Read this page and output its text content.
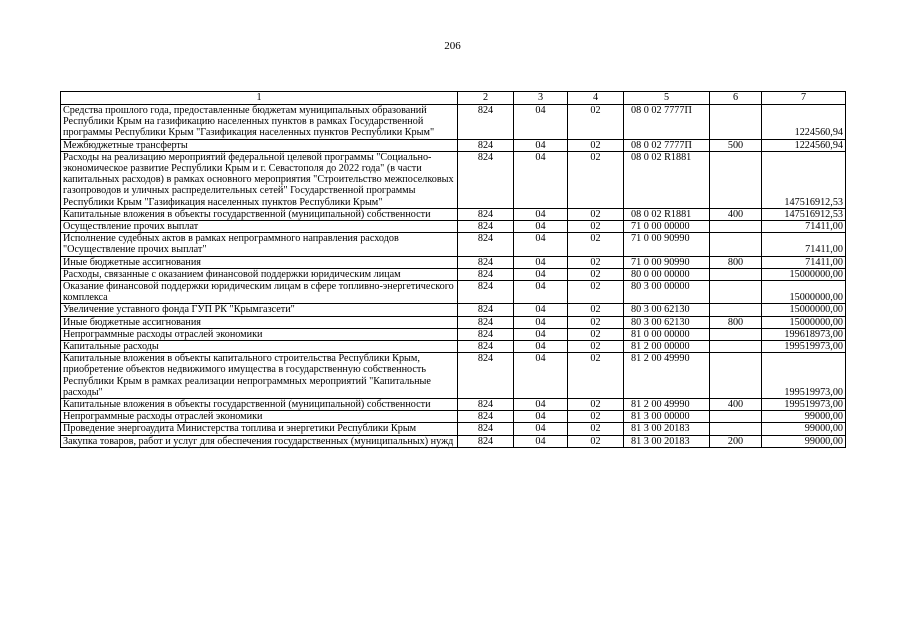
206
1	2	3	4	5	6	7
Средства прошлого года, предоставленные бюджетам муниципальных образований Республики Крым на газификацию населенных пунктов в рамках Государственной программы Республики Крым "Газификация населенных пунктов Республики Крым"	824	04	02	08 0 02 7777П		1224560,94
Межбюджетные трансферты	824	04	02	08 0 02 7777П	500	1224560,94
Расходы на реализацию мероприятий федеральной целевой программы "Социально-экономическое развитие Республики Крым и г. Севастополя до 2022 года" (в части капитальных расходов) в рамках основного мероприятия "Строительство межпоселковых газопроводов и уличных распределительных сетей" Государственной программы Республики Крым "Газификация населенных пунктов Республики Крым"	824	04	02	08 0 02 R1881		147516912,53
Капитальные вложения в объекты государственной (муниципальной) собственности	824	04	02	08 0 02 R1881	400	147516912,53
Осуществление прочих выплат	824	04	02	71 0 00 00000		71411,00
Исполнение судебных актов в рамках непрограммного направления расходов "Осуществление прочих выплат"	824	04	02	71 0 00 90990		71411,00
Иные бюджетные ассигнования	824	04	02	71 0 00 90990	800	71411,00
Расходы, связанные с оказанием финансовой поддержки юридическим лицам	824	04	02	80 0 00 00000		15000000,00
Оказание финансовой поддержки юридическим лицам в сфере топливно-энергетического комплекса	824	04	02	80 3 00 00000		15000000,00
Увеличение уставного фонда ГУП РК "Крымгазсети"	824	04	02	80 3 00 62130		15000000,00
Иные бюджетные ассигнования	824	04	02	80 3 00 62130	800	15000000,00
Непрограммные расходы отраслей экономики	824	04	02	81 0 00 00000		199618973,00
Капитальные расходы	824	04	02	81 2 00 00000		199519973,00
Капитальные вложения в объекты капитального строительства Республики Крым, приобретение объектов недвижимого имущества в государственную собственность Республики Крым в рамках реализации непрограммных мероприятий "Капитальные расходы"	824	04	02	81 2 00 49990		199519973,00
Капитальные вложения в объекты государственной (муниципальной) собственности	824	04	02	81 2 00 49990	400	199519973,00
Непрограммные расходы отраслей экономики	824	04	02	81 3 00 00000		99000,00
Проведение энергоаудита Министерства топлива и энергетики Республики Крым	824	04	02	81 3 00 20183		99000,00
Закупка товаров, работ и услуг для обеспечения государственных (муниципальных) нужд	824	04	02	81 3 00 20183	200	99000,00
